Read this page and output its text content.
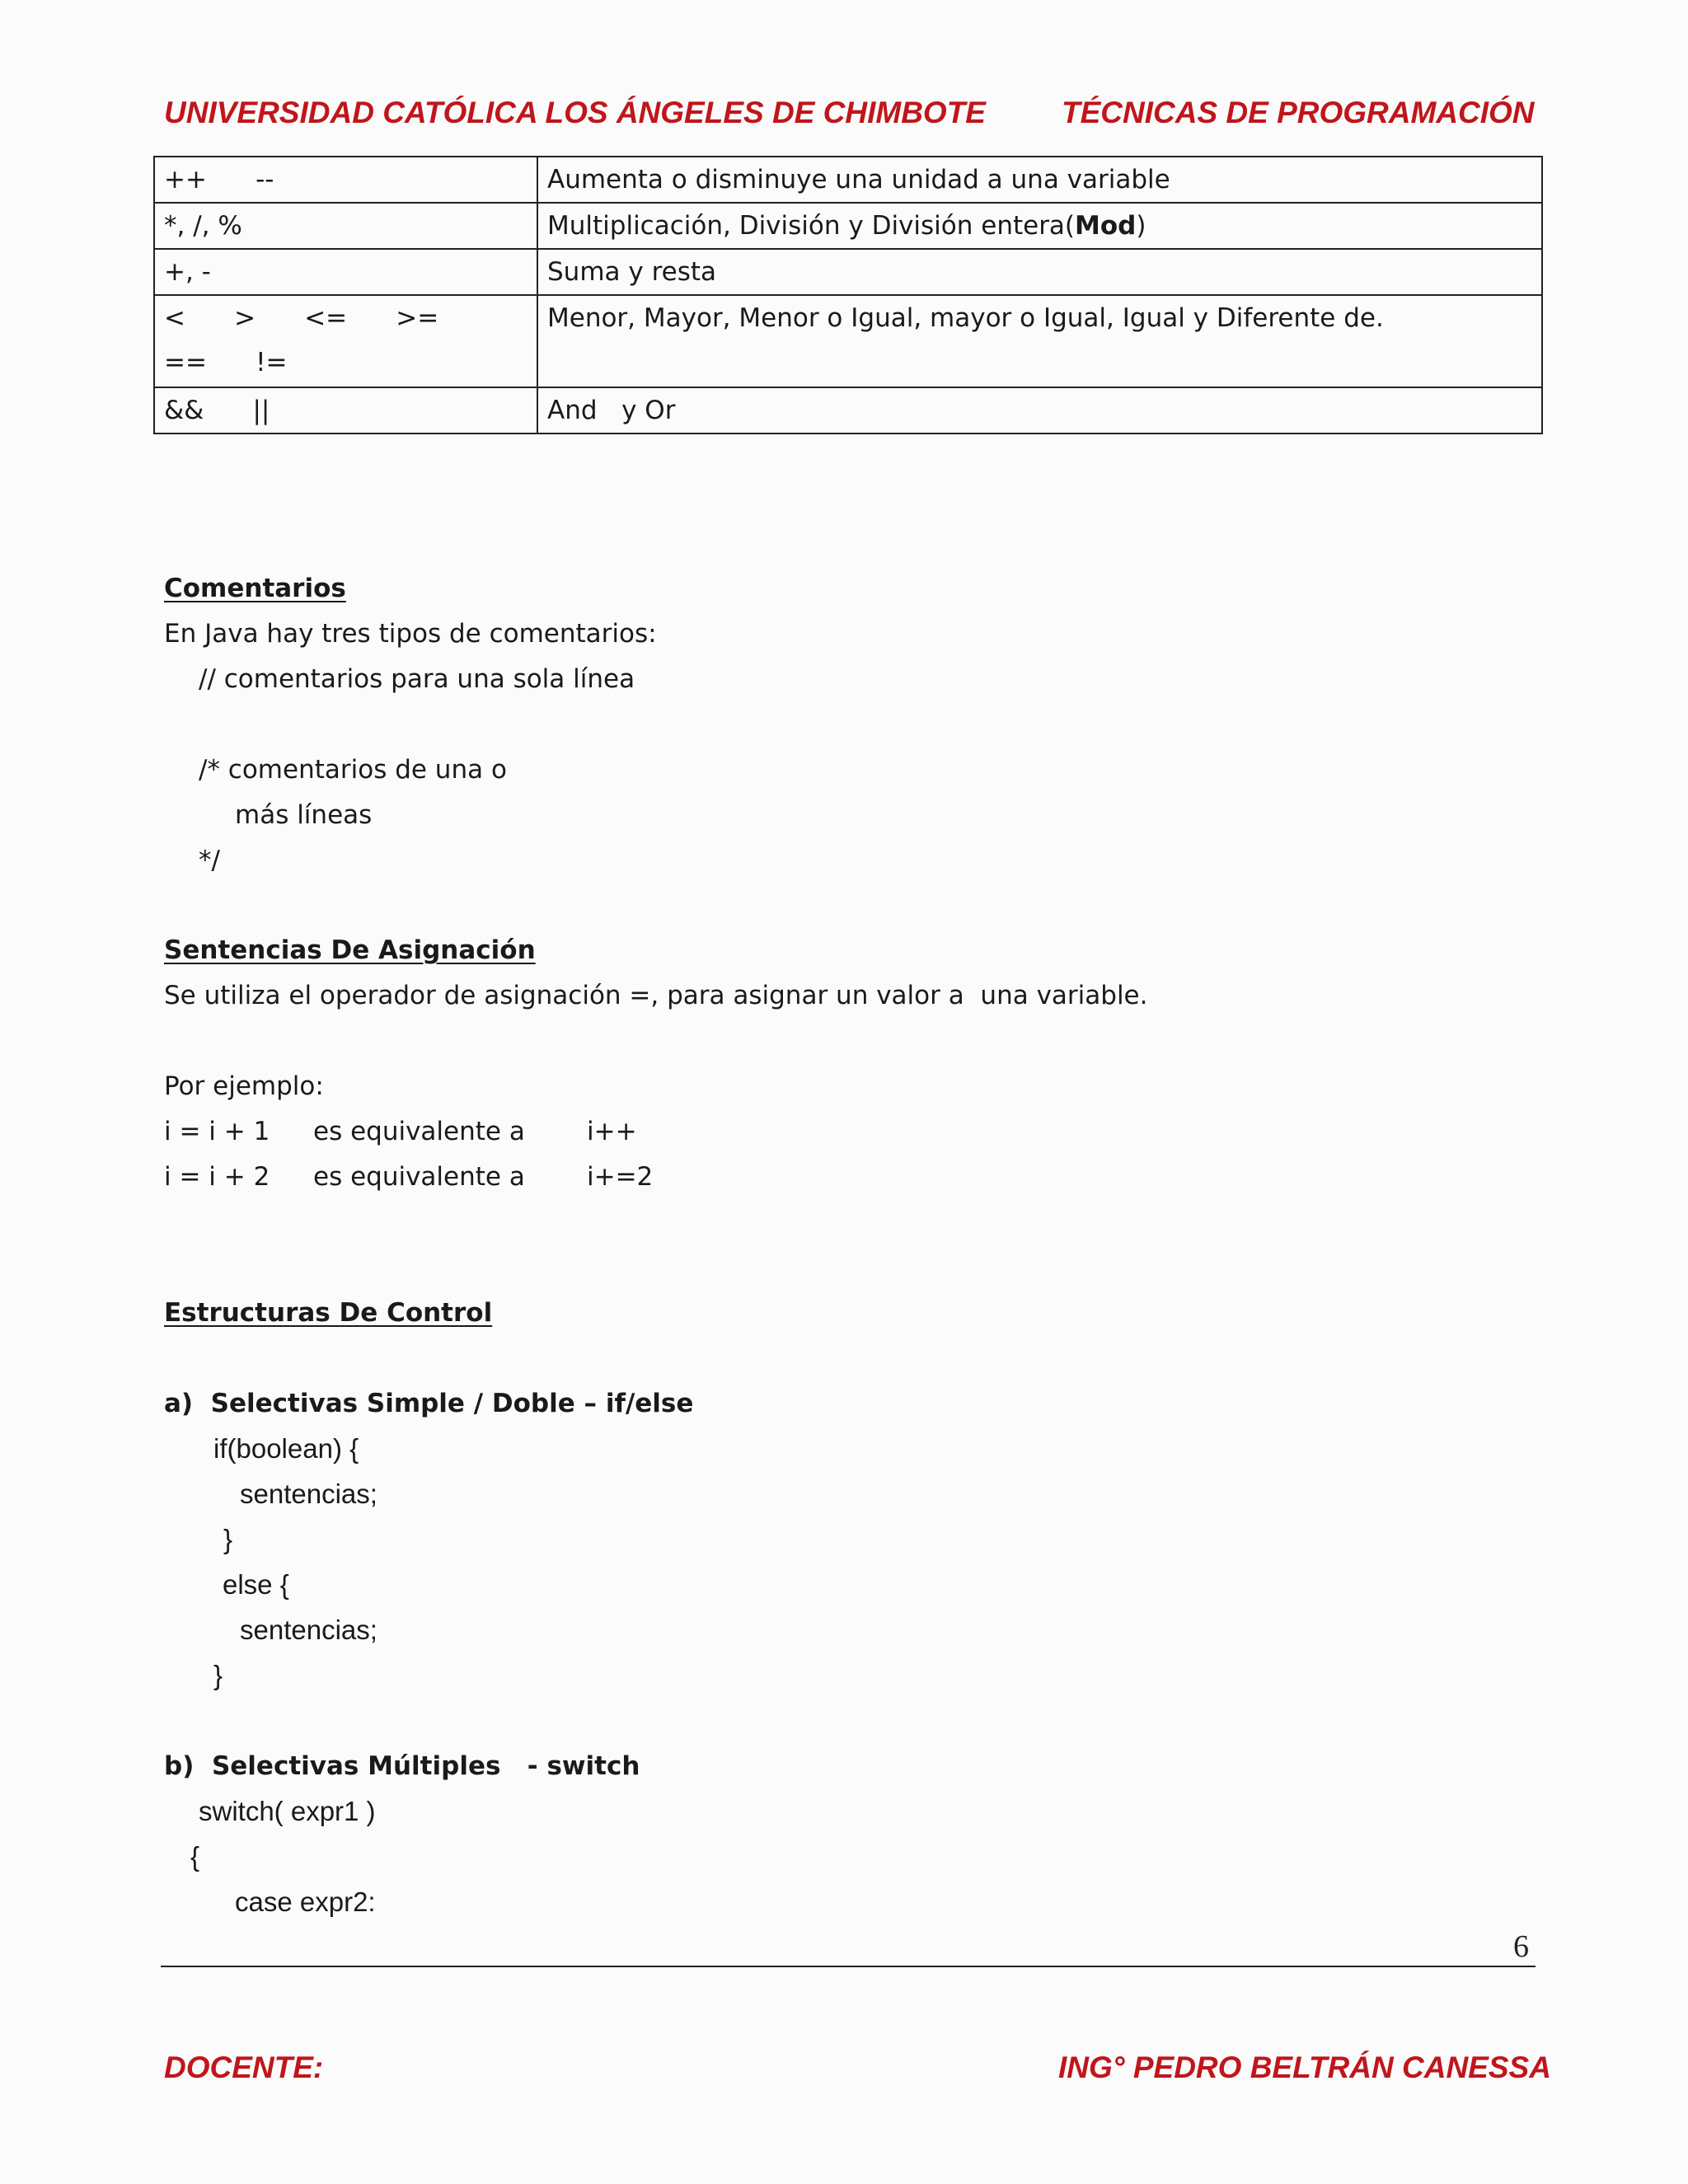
UNIVERSIDAD CATÓLICA LOS ÁNGELES DE CHIMBOTE TÉCNICAS DE PROGRAMACIÓN
++      --	Aumenta o disminuye una unidad a una variable
*, /, %	Multiplicación, División y División entera(Mod)
+, -	Suma y resta

<      >      <=      >=
==      !=	Menor, Mayor, Menor o Igual, mayor o Igual, Igual y Diferente de.
&&      ||	And   y Or
Comentarios
En Java hay tres tipos de comentarios:
// comentarios para una sola línea
/* comentarios de una o
más líneas
*/
Sentencias De Asignación
Se utiliza el operador de asignación =, para asignar un valor a  una variable.
Por ejemplo:
i = i + 1 es equivalente a i++
i = i + 2 es equivalente a i+=2
Estructuras De Control
a)  Selectivas Simple / Doble – if/else
if(boolean) {
sentencias;
}
else {
sentencias;
}
b)  Selectivas Múltiples   - switch
switch( expr1 )
{
case expr2:
6
DOCENTE:	ING° PEDRO BELTRÁN CANESSA
